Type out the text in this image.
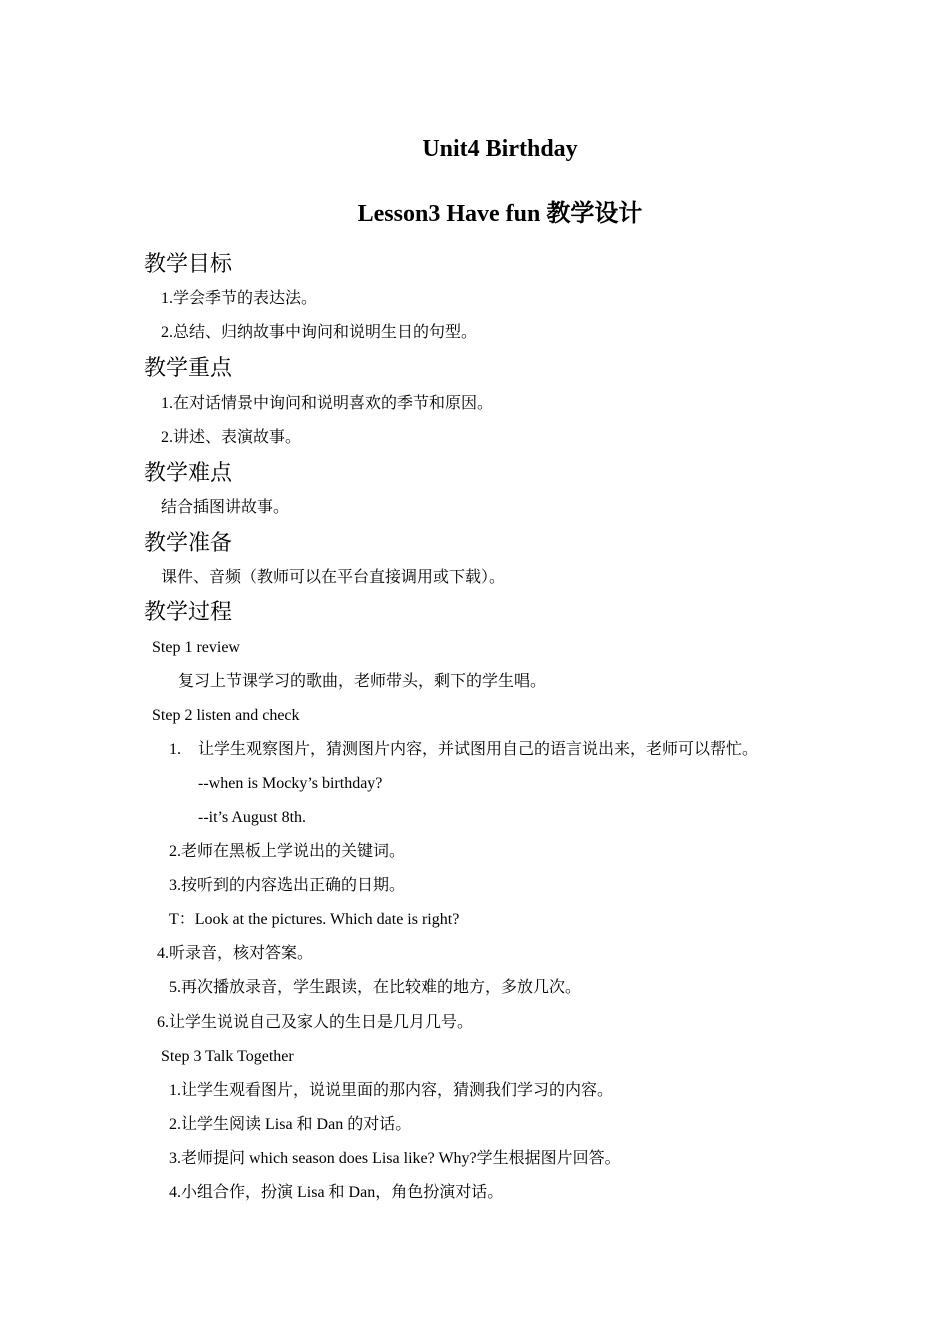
Unit4 Birthday
Lesson3 Have fun 教学设计
教学目标
1.学会季节的表达法。
2.总结、归纳故事中询问和说明生日的句型。
教学重点
1.在对话情景中询问和说明喜欢的季节和原因。
2.讲述、表演故事。
教学难点
结合插图讲故事。
教学准备
课件、音频（教师可以在平台直接调用或下载）。
教学过程
Step 1 review
复习上节课学习的歌曲，老师带头，剩下的学生唱。
Step 2 listen and check
1. 让学生观察图片，猜测图片内容，并试图用自己的语言说出来，老师可以帮忙。
--when is Mocky’s birthday?
--it’s August 8th.
2.老师在黑板上学说出的关键词。
3.按听到的内容选出正确的日期。
T：Look at the pictures. Which date is right?
4.听录音，核对答案。
5.再次播放录音，学生跟读，在比较难的地方，多放几次。
6.让学生说说自己及家人的生日是几月几号。
Step 3 Talk Together
1.让学生观看图片，说说里面的那内容，猜测我们学习的内容。
2.让学生阅读 Lisa 和 Dan 的对话。
3.老师提问 which season does Lisa like? Why?学生根据图片回答。
4.小组合作，扮演 Lisa 和 Dan，角色扮演对话。
